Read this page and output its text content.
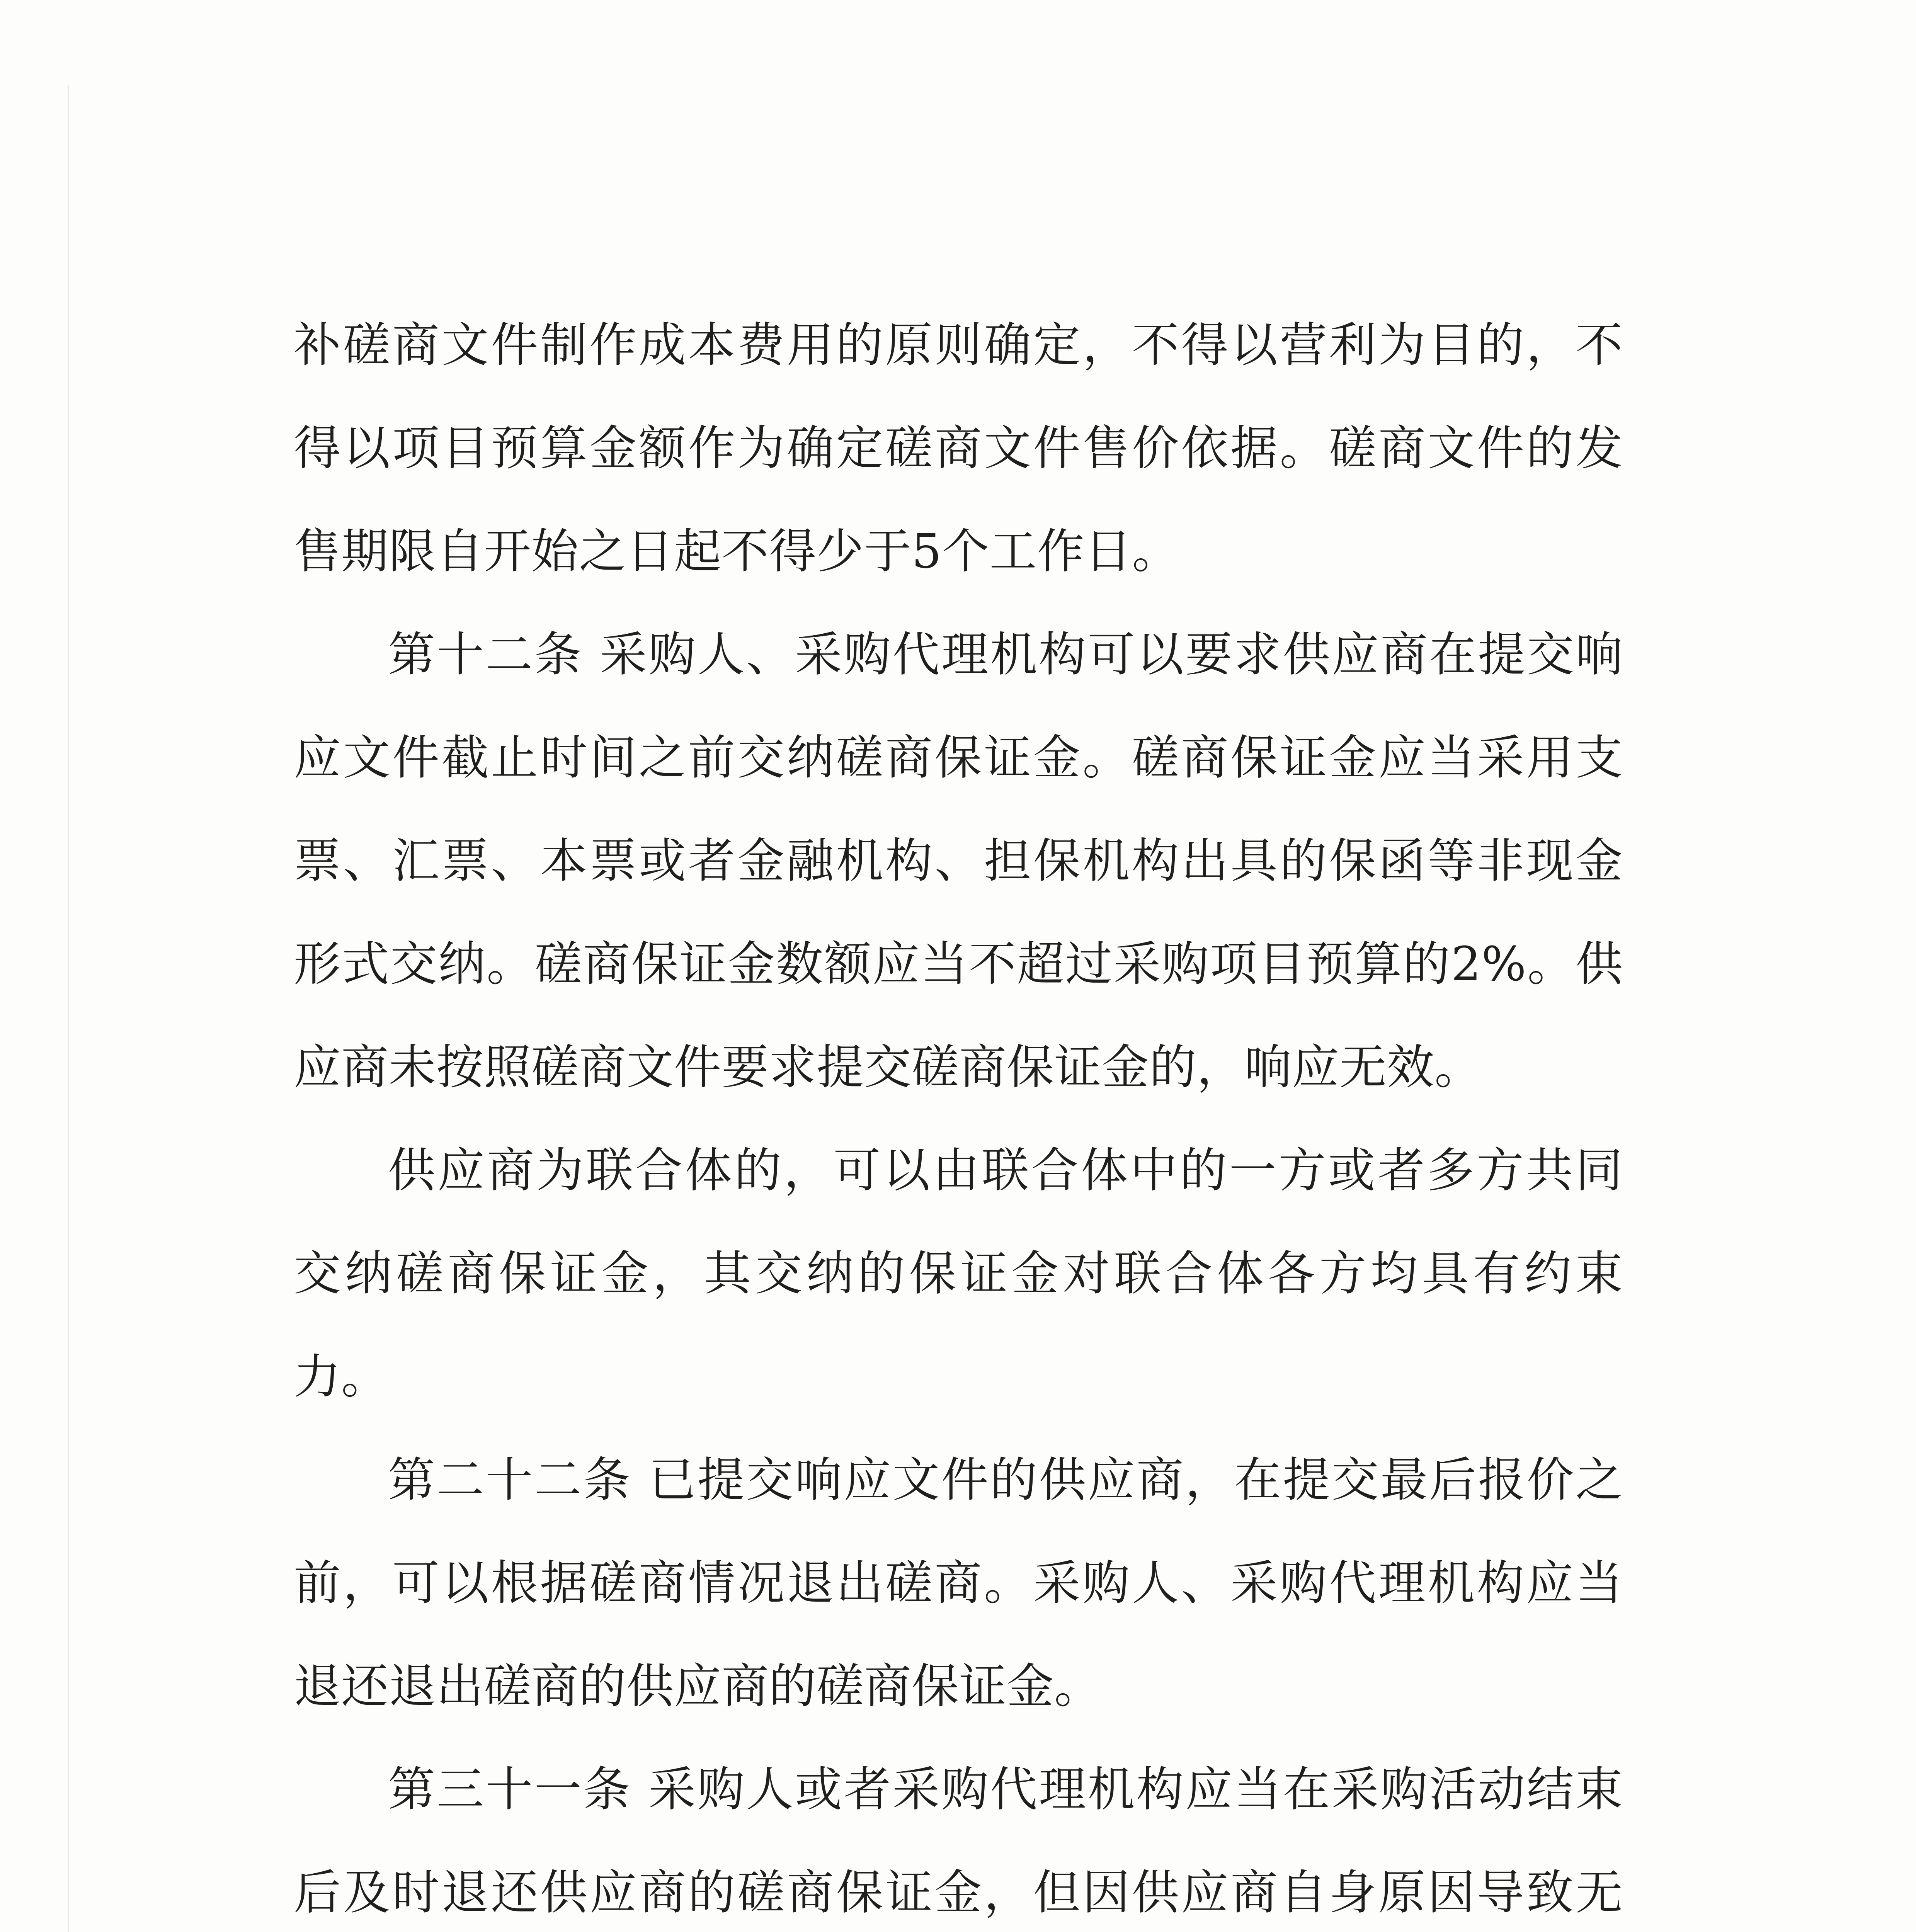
补磋商文件制作成本费用的原则确定，不得以营利为目的，不得以项目预算金额作为确定磋商文件售价依据。磋商文件的发售期限自开始之日起不得少于5个工作日。

第十二条 采购人、采购代理机构可以要求供应商在提交响应文件截止时间之前交纳磋商保证金。磋商保证金应当采用支票、汇票、本票或者金融机构、担保机构出具的保函等非现金形式交纳。磋商保证金数额应当不超过采购项目预算的2%。供应商未按照磋商文件要求提交磋商保证金的，响应无效。

供应商为联合体的，可以由联合体中的一方或者多方共同交纳磋商保证金，其交纳的保证金对联合体各方均具有约束力。

第二十二条 已提交响应文件的供应商，在提交最后报价之前，可以根据磋商情况退出磋商。采购人、采购代理机构应当退还退出磋商的供应商的磋商保证金。

第三十一条 采购人或者采购代理机构应当在采购活动结束后及时退还供应商的磋商保证金，但因供应商自身原因导致无
